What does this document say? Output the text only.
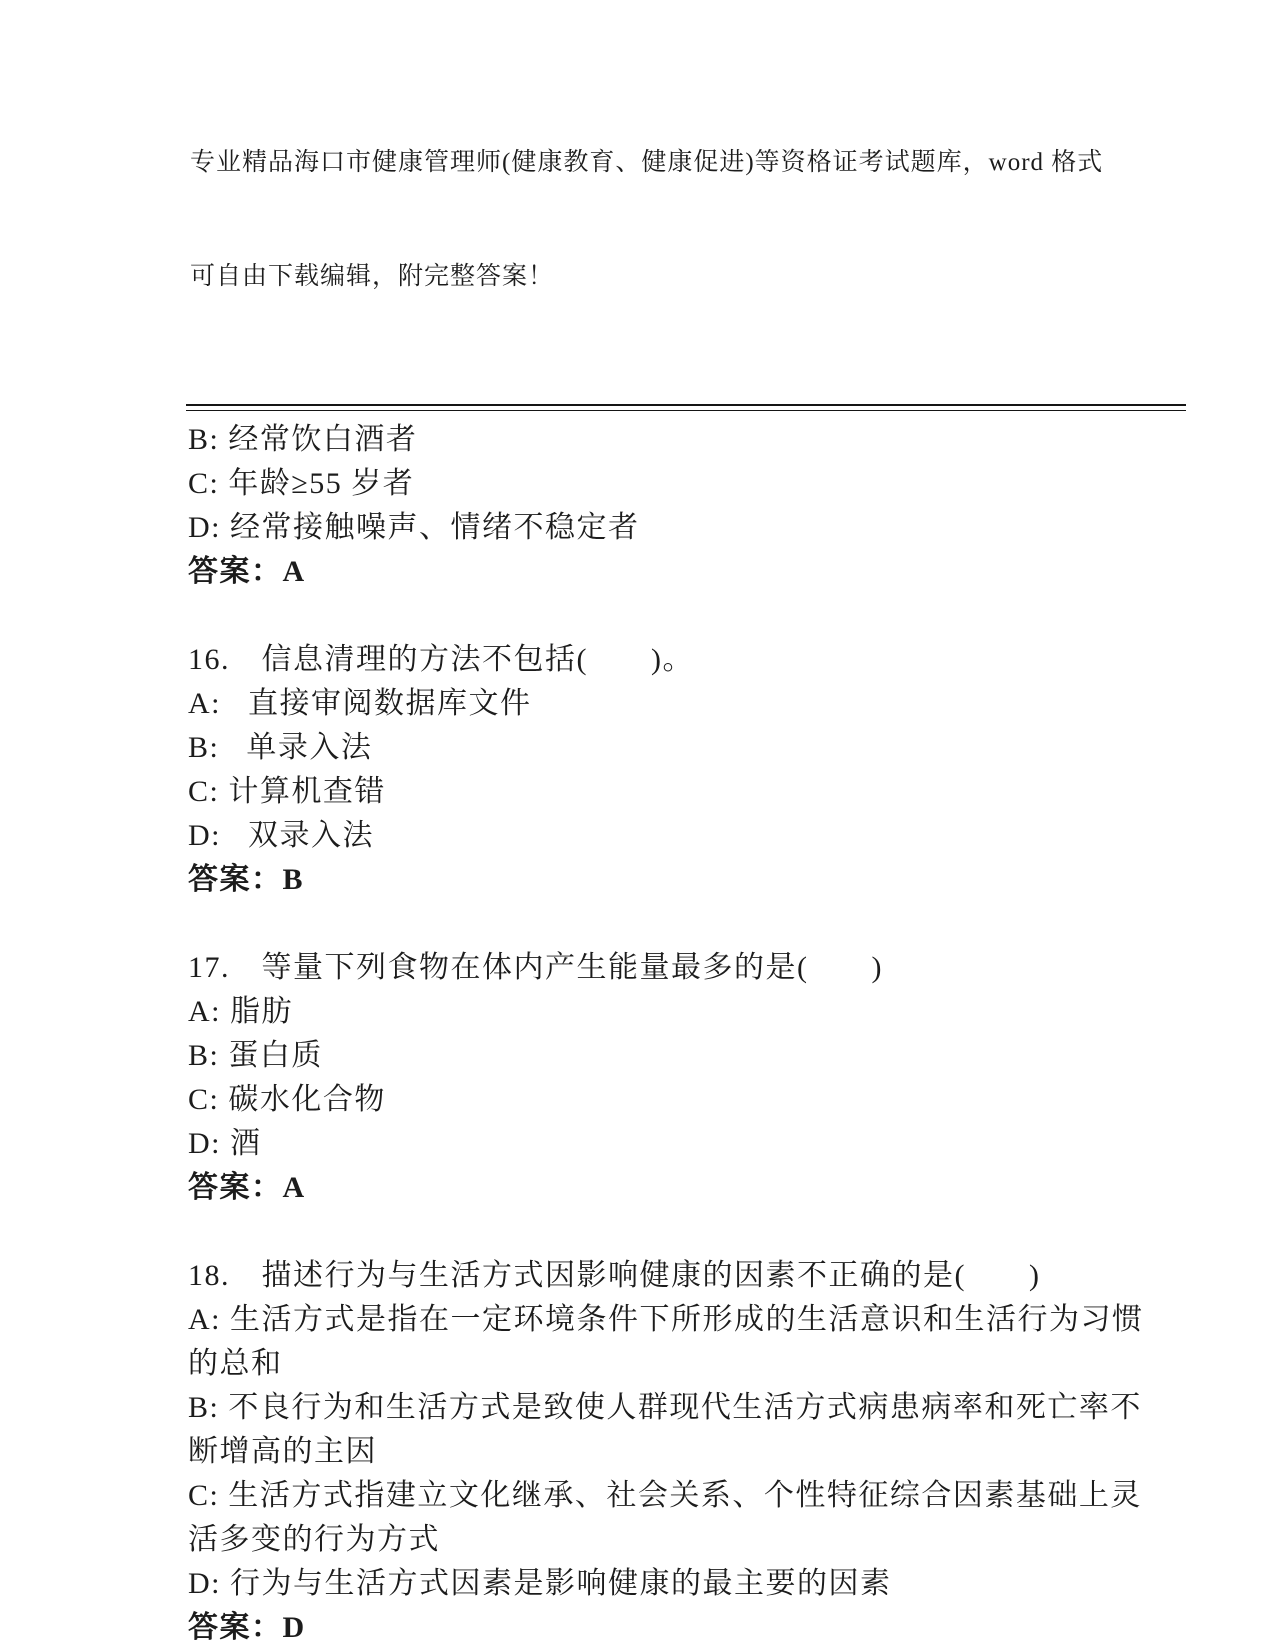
专业精品海口市健康管理师(健康教育、健康促进)等资格证考试题库，word 格式

可自由下载编辑，附完整答案！

B: 经常饮白酒者
C: 年龄≥55 岁者
D: 经常接触噪声、情绪不稳定者
答案：A
16.　信息清理的方法不包括(　　)。
A:   直接审阅数据库文件
B:   单录入法
C: 计算机查错
D:   双录入法
答案：B
17.　等量下列食物在体内产生能量最多的是(　　)
A: 脂肪
B: 蛋白质
C: 碳水化合物
D: 酒
答案：A
18.　描述行为与生活方式因影响健康的因素不正确的是(　　)
A: 生活方式是指在一定环境条件下所形成的生活意识和生活行为习惯
的总和
B: 不良行为和生活方式是致使人群现代生活方式病患病率和死亡率不
断增高的主因
C: 生活方式指建立文化继承、社会关系、个性特征综合因素基础上灵
活多变的行为方式
D: 行为与生活方式因素是影响健康的最主要的因素
答案：D
